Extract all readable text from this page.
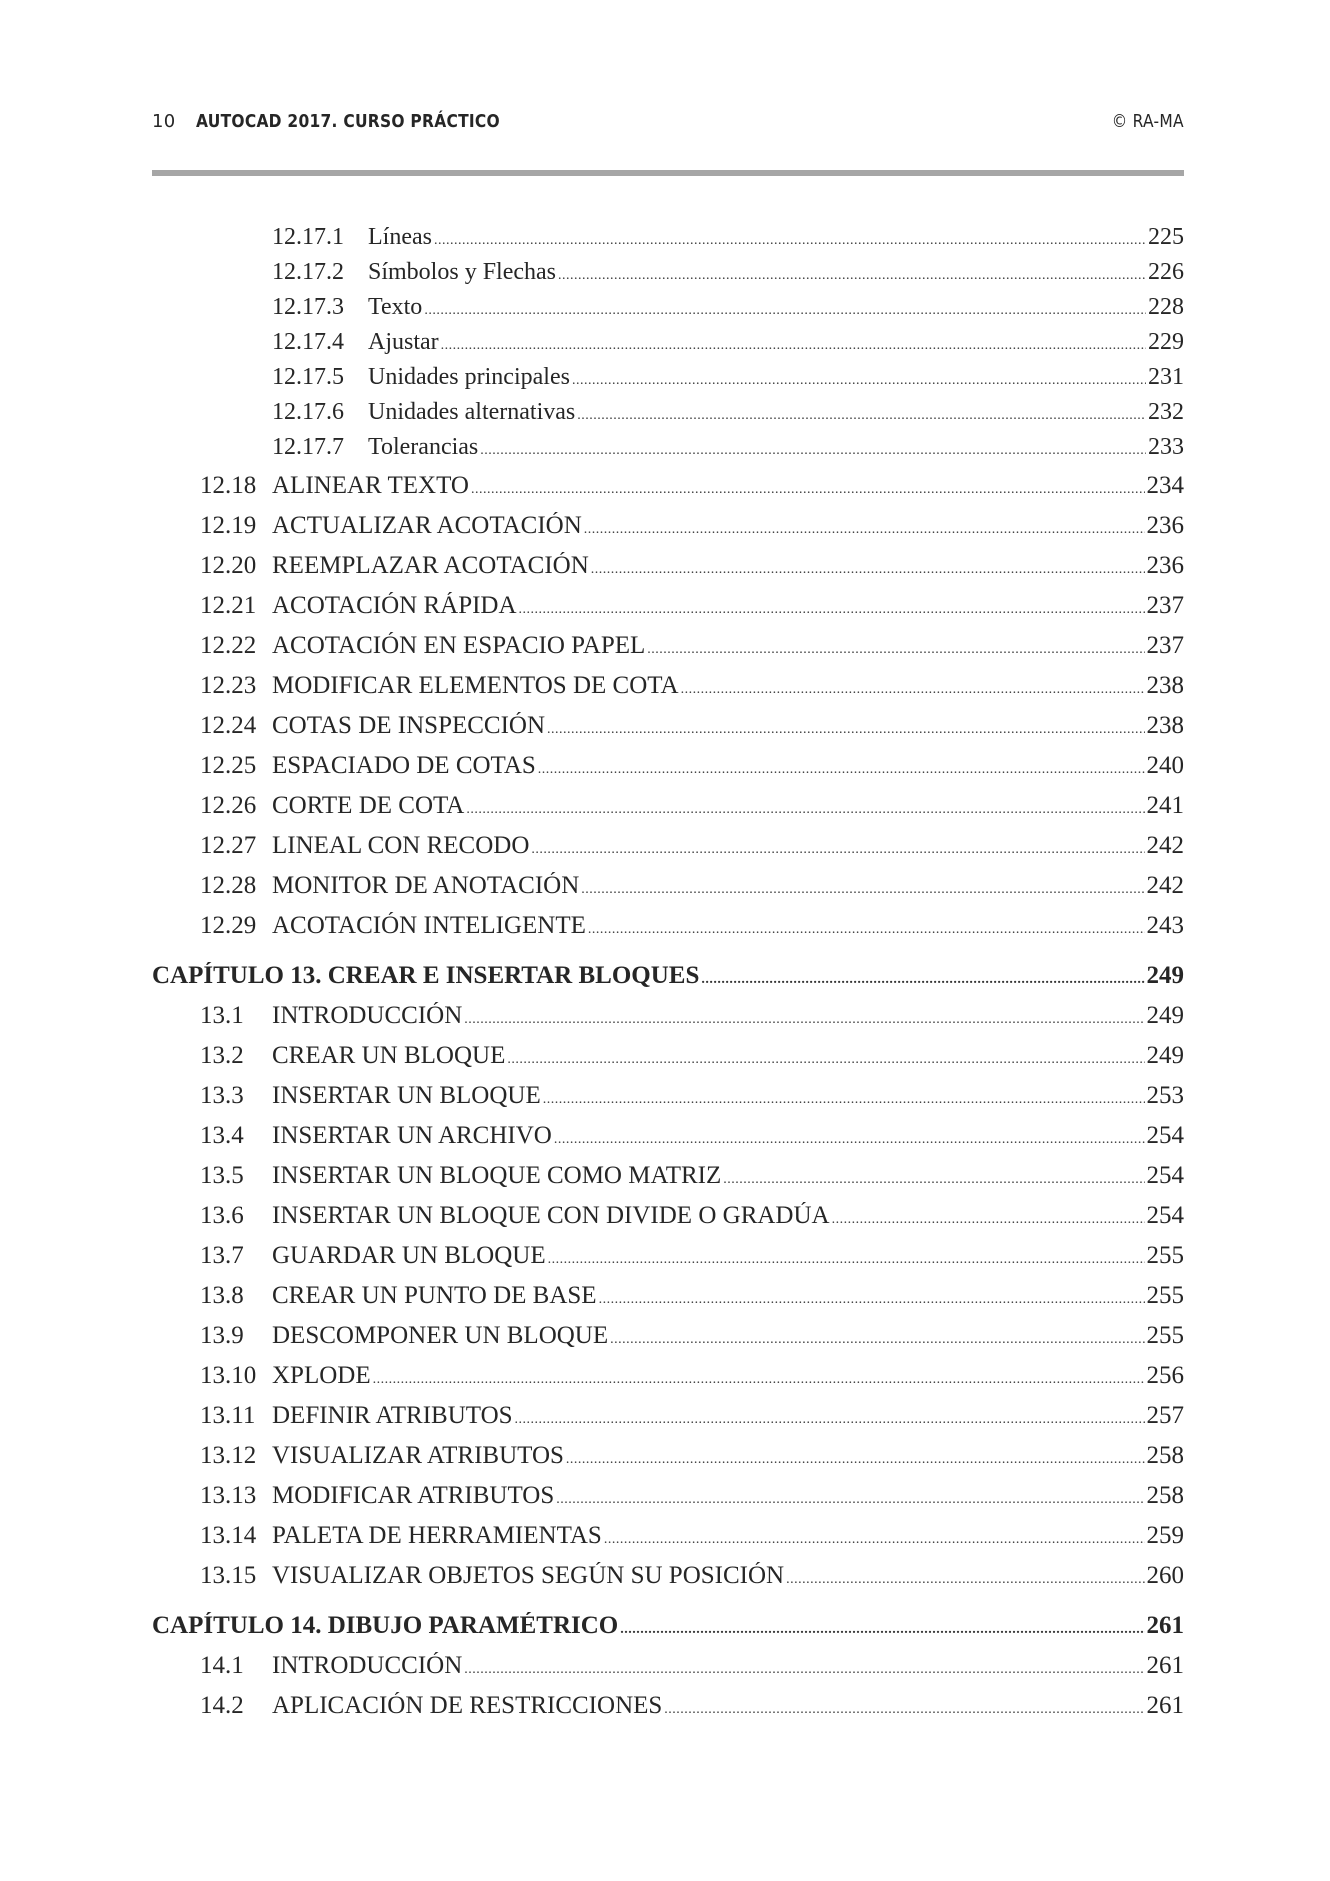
10 AUTOCAD 2017. CURSO PRÁCTICO	© RA-MA
12.17.1	Líneas .....	225
12.17.2	Símbolos y Flechas .....	226
12.17.3	Texto .....	228
12.17.4	Ajustar .....	229
12.17.5	Unidades principales .....	231
12.17.6	Unidades alternativas .....	232
12.17.7	Tolerancias .....	233
12.18 ALINEAR TEXTO .....	234
12.19 ACTUALIZAR ACOTACIÓN .....	236
12.20 REEMPLAZAR ACOTACIÓN .....	236
12.21 ACOTACIÓN RÁPIDA .....	237
12.22 ACOTACIÓN EN ESPACIO PAPEL .....	237
12.23 MODIFICAR ELEMENTOS DE COTA .....	238
12.24 COTAS DE INSPECCIÓN .....	238
12.25 ESPACIADO DE COTAS .....	240
12.26 CORTE DE COTA .....	241
12.27 LINEAL CON RECODO .....	242
12.28 MONITOR DE ANOTACIÓN .....	242
12.29 ACOTACIÓN INTELIGENTE .....	243
CAPÍTULO 13. CREAR E INSERTAR BLOQUES .....	249
13.1	INTRODUCCIÓN .....	249
13.2	CREAR UN BLOQUE .....	249
13.3	INSERTAR UN BLOQUE .....	253
13.4	INSERTAR UN ARCHIVO .....	254
13.5	INSERTAR UN BLOQUE COMO MATRIZ .....	254
13.6	INSERTAR UN BLOQUE CON DIVIDE O GRADÚA .....	254
13.7	GUARDAR UN BLOQUE .....	255
13.8	CREAR UN PUNTO DE BASE .....	255
13.9	DESCOMPONER UN BLOQUE .....	255
13.10 XPLODE .....	256
13.11 DEFINIR ATRIBUTOS .....	257
13.12 VISUALIZAR ATRIBUTOS .....	258
13.13 MODIFICAR ATRIBUTOS .....	258
13.14 PALETA DE HERRAMIENTAS .....	259
13.15 VISUALIZAR OBJETOS SEGÚN SU POSICIÓN .....	260
CAPÍTULO 14. DIBUJO PARAMÉTRICO .....	261
14.1	INTRODUCCIÓN .....	261
14.2	APLICACIÓN DE RESTRICCIONES .....	261
